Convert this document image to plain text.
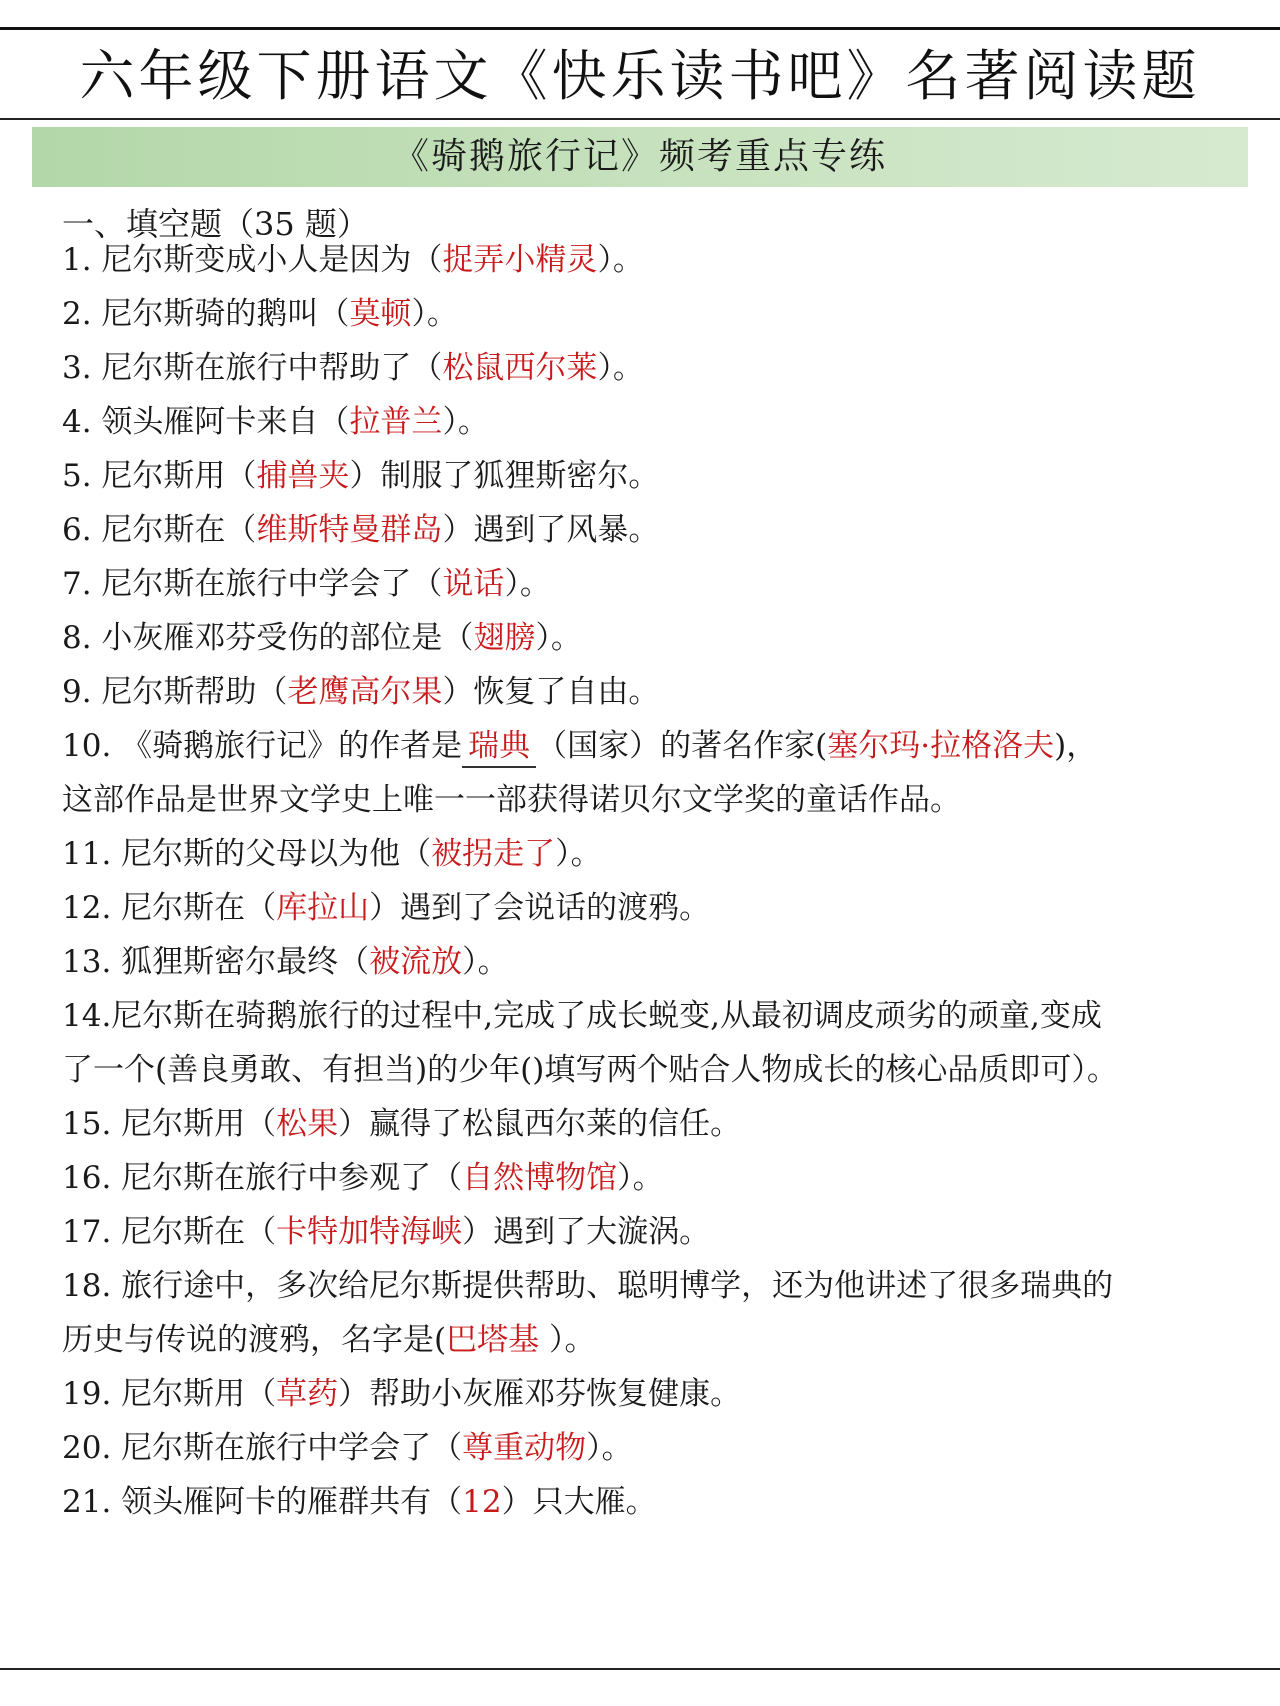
六年级下册语文《快乐读书吧》名著阅读题
《骑鹅旅行记》频考重点专练
一、填空题（35 题）
1. 尼尔斯变成小人是因为（捉弄小精灵）。
2. 尼尔斯骑的鹅叫（莫顿）。
3. 尼尔斯在旅行中帮助了（松鼠西尔莱）。
4. 领头雁阿卡来自（拉普兰）。
5. 尼尔斯用（捕兽夹）制服了狐狸斯密尔。
6. 尼尔斯在（维斯特曼群岛）遇到了风暴。
7. 尼尔斯在旅行中学会了（说话）。
8. 小灰雁邓芬受伤的部位是（翅膀）。
9. 尼尔斯帮助（老鹰高尔果）恢复了自由。
10. 《骑鹅旅行记》的作者是 瑞典 （国家）的著名作家(塞尔玛·拉格洛夫)，
这部作品是世界文学史上唯一一部获得诺贝尔文学奖的童话作品。
11. 尼尔斯的父母以为他（被拐走了）。
12. 尼尔斯在（库拉山）遇到了会说话的渡鸦。
13. 狐狸斯密尔最终（被流放）。
14.尼尔斯在骑鹅旅行的过程中,完成了成长蜕变,从最初调皮顽劣的顽童,变成
了一个(善良勇敢、有担当)的少年()填写两个贴合人物成长的核心品质即可）。
15. 尼尔斯用（松果）赢得了松鼠西尔莱的信任。
16. 尼尔斯在旅行中参观了（自然博物馆）。
17. 尼尔斯在（卡特加特海峡）遇到了大漩涡。
18. 旅行途中，多次给尼尔斯提供帮助、聪明博学，还为他讲述了很多瑞典的
历史与传说的渡鸦，名字是(巴塔基 ）。
19. 尼尔斯用（草药）帮助小灰雁邓芬恢复健康。
20. 尼尔斯在旅行中学会了（尊重动物）。
21. 领头雁阿卡的雁群共有（12）只大雁。
